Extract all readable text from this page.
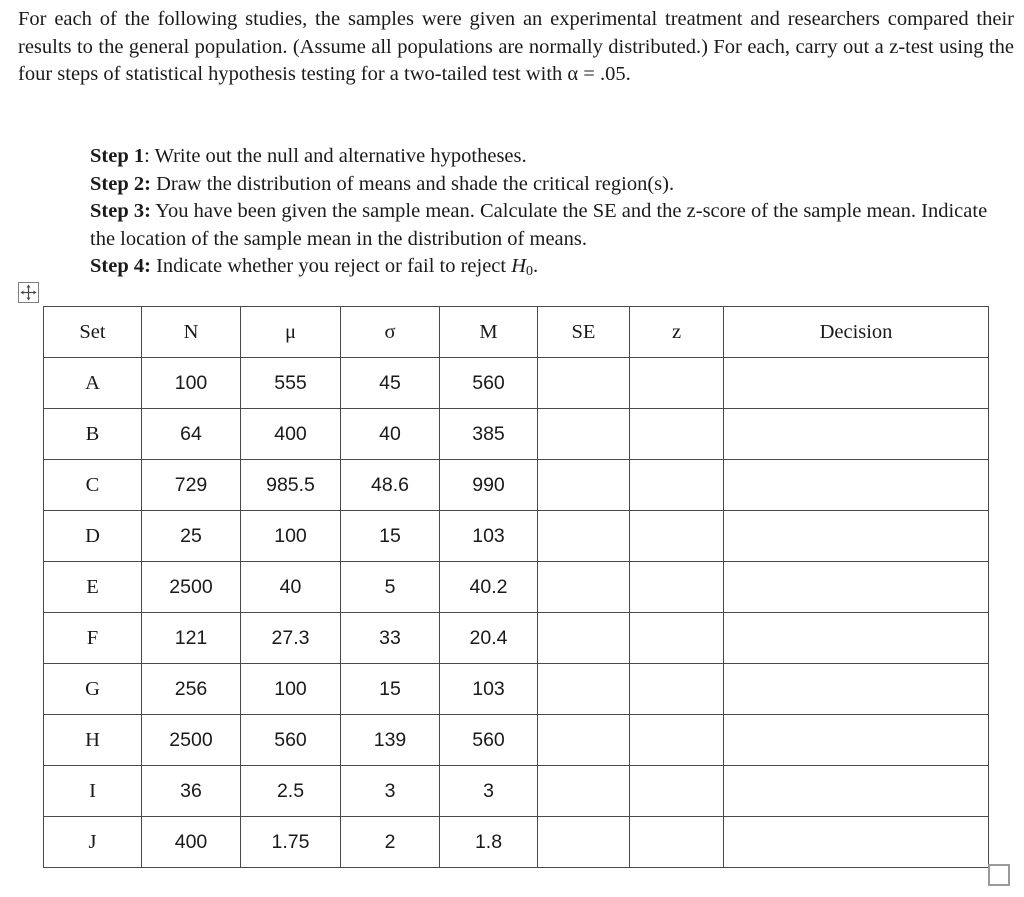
For each of the following studies, the samples were given an experimental treatment and researchers compared their results to the general population. (Assume all populations are normally distributed.) For each, carry out a z-test using the four steps of statistical hypothesis testing for a two-tailed test with α = .05.

Step 1: Write out the null and alternative hypotheses.

Step 2: Draw the distribution of means and shade the critical region(s).

Step 3: You have been given the sample mean. Calculate the SE and the z-score of the sample mean. Indicate the location of the sample mean in the distribution of means.

Step 4: Indicate whether you reject or fail to reject $H_0$.

Set	N	μ	σ	M	SE	z	Decision
A	100	555	45	560			
B	64	400	40	385			
C	729	985.5	48.6	990			
D	25	100	15	103			
E	2500	40	5	40.2			
F	121	27.3	33	20.4			
G	256	100	15	103			
H	2500	560	139	560			
I	36	2.5	3	3			
J	400	1.75	2	1.8			
